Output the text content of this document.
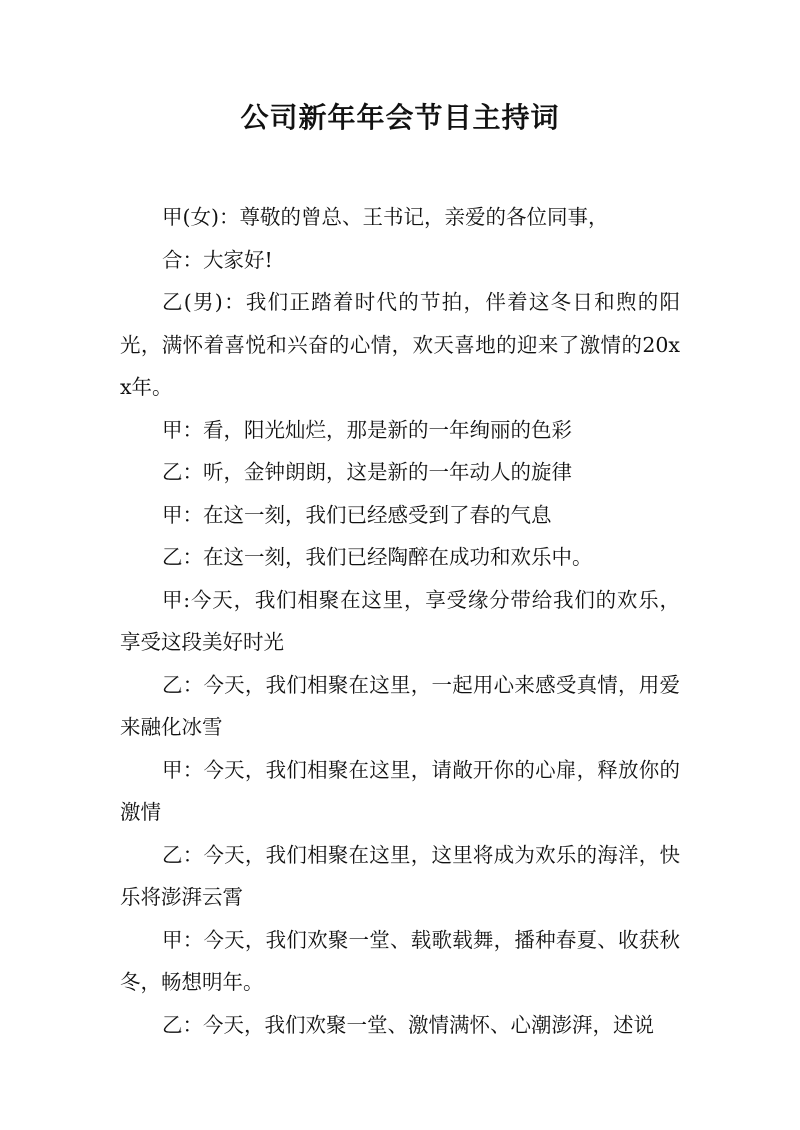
公司新年年会节目主持词

甲(女)：尊敬的曾总、王书记，亲爱的各位同事，

合：大家好!

乙(男)：我们正踏着时代的节拍，伴着这冬日和煦的阳光，满怀着喜悦和兴奋的心情，欢天喜地的迎来了激情的20xx年。

甲：看，阳光灿烂，那是新的一年绚丽的色彩

乙：听，金钟朗朗，这是新的一年动人的旋律

甲：在这一刻，我们已经感受到了春的气息

乙：在这一刻，我们已经陶醉在成功和欢乐中。

甲:今天，我们相聚在这里，享受缘分带给我们的欢乐，享受这段美好时光

乙：今天，我们相聚在这里，一起用心来感受真情，用爱来融化冰雪

甲：今天，我们相聚在这里，请敞开你的心扉，释放你的激情

乙：今天，我们相聚在这里，这里将成为欢乐的海洋，快乐将澎湃云霄

甲：今天，我们欢聚一堂、载歌载舞，播种春夏、收获秋冬，畅想明年。

乙：今天，我们欢聚一堂、激情满怀、心潮澎湃，述说
